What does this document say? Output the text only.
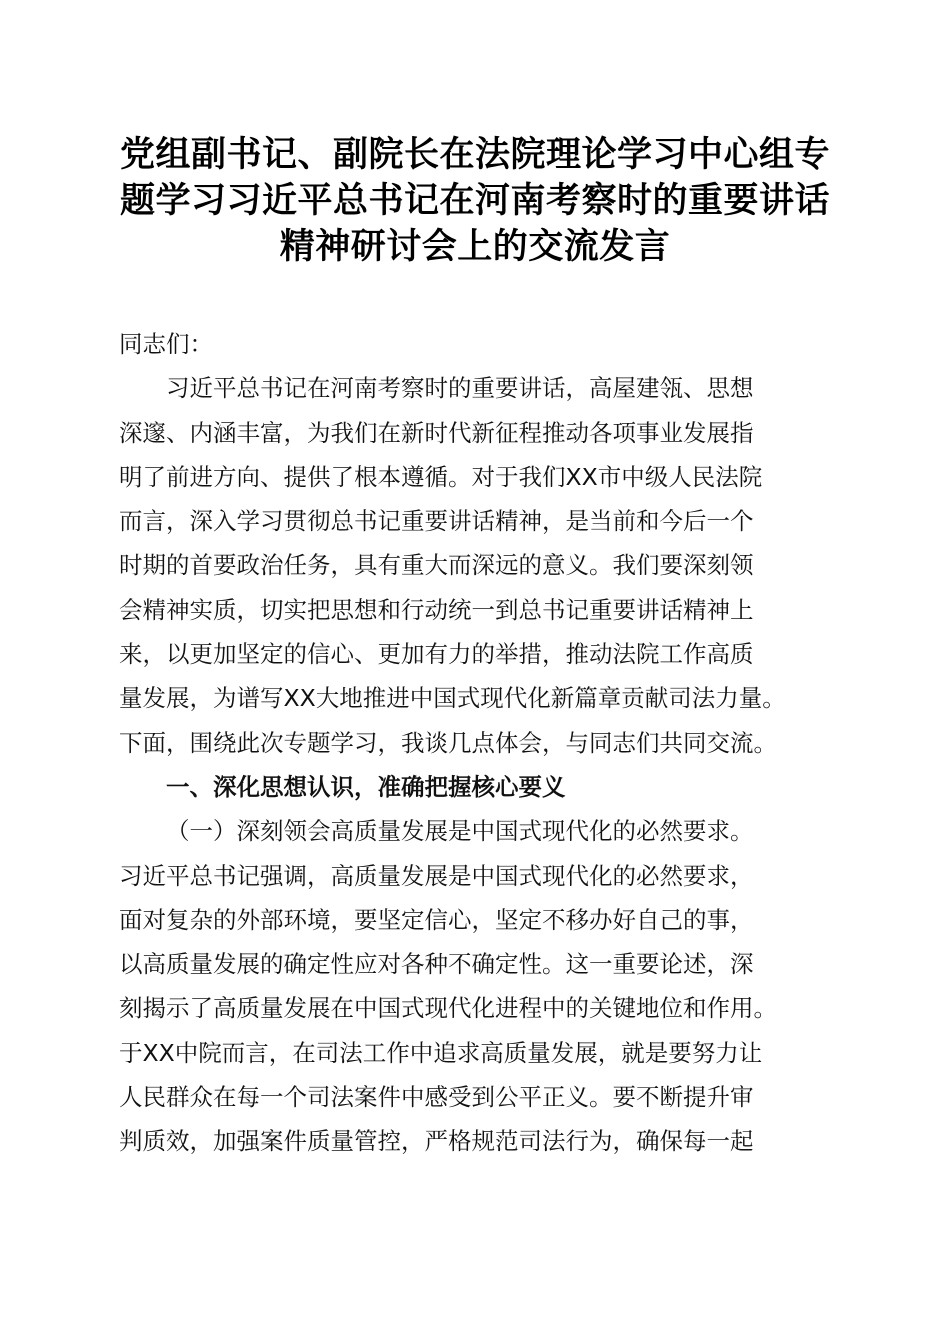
党组副书记、副院长在法院理论学习中心组专
题学习习近平总书记在河南考察时的重要讲话
精神研讨会上的交流发言
同志们：
习近平总书记在河南考察时的重要讲话，高屋建瓴、思想
深邃、内涵丰富，为我们在新时代新征程推动各项事业发展指
明了前进方向、提供了根本遵循。对于我们XX市中级人民法院
而言，深入学习贯彻总书记重要讲话精神，是当前和今后一个
时期的首要政治任务，具有重大而深远的意义。我们要深刻领
会精神实质，切实把思想和行动统一到总书记重要讲话精神上
来，以更加坚定的信心、更加有力的举措，推动法院工作高质
量发展，为谱写XX大地推进中国式现代化新篇章贡献司法力量。
下面，围绕此次专题学习，我谈几点体会，与同志们共同交流。
一、深化思想认识，准确把握核心要义
（一）深刻领会高质量发展是中国式现代化的必然要求。
习近平总书记强调，高质量发展是中国式现代化的必然要求，
面对复杂的外部环境，要坚定信心，坚定不移办好自己的事，
以高质量发展的确定性应对各种不确定性。这一重要论述，深
刻揭示了高质量发展在中国式现代化进程中的关键地位和作用。
于XX中院而言，在司法工作中追求高质量发展，就是要努力让
人民群众在每一个司法案件中感受到公平正义。要不断提升审
判质效，加强案件质量管控，严格规范司法行为，确保每一起
